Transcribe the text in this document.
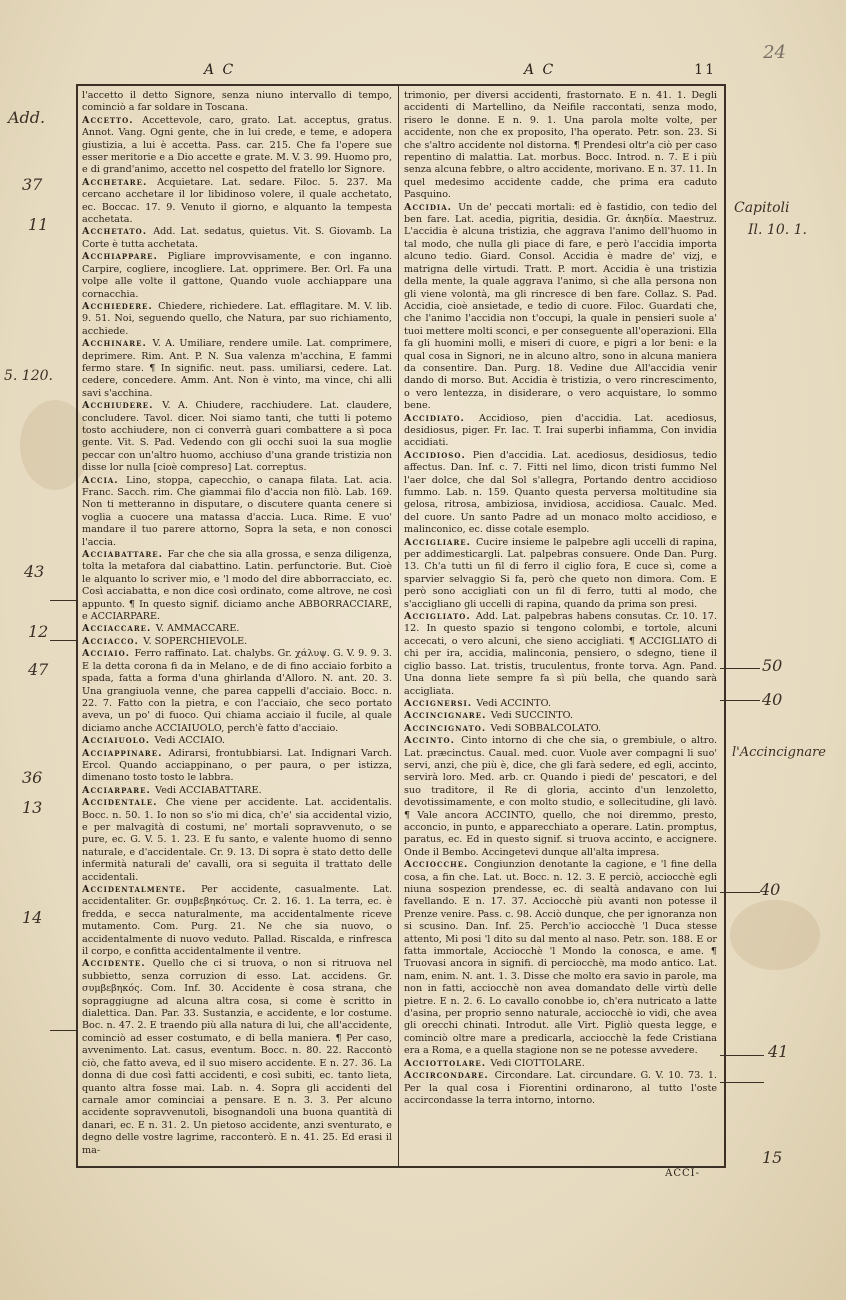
24
A C	A C	11
l'accetto il detto Signore, senza niuno intervallo di tempo, cominciò a far soldare in Toscana.
Accetto. Accettevole, caro, grato. Lat. acceptus, gratus. Annot. Vang. Ogni gente, che in lui crede, e teme, e adopera giustizia, a lui è accetta. Pass. car. 215. Che fa l'opere sue esser meritorie e a Dio accette e grate. M. V. 3. 99. Huomo pro, e di grand'animo, accetto nel cospetto del fratello lor Signore.
Acchetare. Acquietare. Lat. sedare. Filoc. 5. 237. Ma cercano acchetare il lor libidinoso volere, il quale acchetato, ec. Boccac. 17. 9. Venuto il giorno, e alquanto la tempesta acchetata.
Acchetato. Add. Lat. sedatus, quietus. Vit. S. Giovamb. La Corte è tutta acchetata.
Acchiappare. Pigliare improvvisamente, e con inganno. Carpire, cogliere, incogliere. Lat. opprimere. Ber. Orl. Fa una volpe alle volte il gattone, Quando vuole acchiappare una cornacchia.
Acchiedere. Chiedere, richiedere. Lat. efflagitare. M. V. lib. 9. 51. Noi, seguendo quello, che Natura, par suo richiamento, acchiede.
Acchinare. V. A. Umiliare, rendere umile. Lat. comprimere, deprimere. Rim. Ant. P. N. Sua valenza m'acchina, E fammi fermo stare. ¶ In signific. neut. pass. umiliarsi, cedere. Lat. cedere, concedere. Amm. Ant. Non è vinto, ma vince, chi alli savi s'acchina.
Acchiudere. V. A. Chiudere, racchiudere. Lat. claudere, concludere. Tavol. dicer. Noi siamo tanti, che tutti li potemo tosto acchiudere, non ci converrà guari combattere a sì poca gente. Vit. S. Pad. Vedendo con gli occhi suoi la sua moglie peccar con un'altro huomo, acchiuso d'una grande tristizia non disse lor nulla [cioè compreso] Lat. correptus.
Accia. Lino, stoppa, capecchio, o canapa filata. Lat. acia. Franc. Sacch. rim. Che giammai filo d'accia non filò. Lab. 169. Non ti metteranno in disputare, o discutere quanta cenere si voglia a cuocere una matassa d'accia. Luca. Rime. E vuo' mandare il tuo parere attorno, Sopra la seta, e non conosci l'accia.
Acciabattare. Far che che sia alla grossa, e senza diligenza, tolta la metafora dal ciabattino. Latin. perfunctorie. But. Cioè le alquanto lo scriver mio, e 'l modo del dire abborracciato, ec. Così acciabatta, e non dice così ordinato, come altrove, ne così appunto. ¶ In questo signif. diciamo anche ABBORRACCIARE, e ACCIARPARE.
Acciaccare. V. AMMACCARE.
Acciacco. V. SOPERCHIEVOLE.
Acciaio. Ferro raffinato. Lat. chalybs. Gr. χάλυψ. G. V. 9. 9. 3. E la detta corona fi da in Melano, e de di fino acciaio forbito a spada, fatta a forma d'una ghirlanda d'Alloro. N. ant. 20. 3. Una grangiuola venne, che parea cappelli d'acciaio. Bocc. n. 22. 7. Fatto con la pietra, e con l'acciaio, che seco portato aveva, un po' di fuoco. Qui chiama acciaio il fucile, al quale diciamo anche ACCIAIUOLO, perch'è fatto d'acciaio.
Acciaiuolo. Vedi ACCIAIO.
Acciappinare. Adirarsi, frontubbiarsi. Lat. Indignari Varch. Ercol. Quando acciappinano, o per paura, o per istizza, dimenano tosto tosto le labbra.
Acciarpare. Vedi ACCIABATTARE.
Accidentale. Che viene per accidente. Lat. accidentalis. Bocc. n. 50. 1. Io non so s'io mi dica, ch'e' sia accidental vizio, e per malvagità di costumi, ne' mortali sopravvenuto, o se pure, ec. G. V. 5. 1. 23. E fu santo, e valente huomo di senno naturale, e d'accidentale. Cr. 9. 13. Di sopra è stato detto delle infermità naturali de' cavalli, ora si seguita il trattato delle accidentali.
Accidentalmente. Per accidente, casualmente. Lat. accidentaliter. Gr. συμβεβηκότως. Cr. 2. 16. 1. La terra, ec. è fredda, e secca naturalmente, ma accidentalmente riceve mutamento. Com. Purg. 21. Ne che sia nuovo, o accidentalmente di nuovo veduto. Pallad. Riscalda, e rinfresca il corpo, e confitta accidentalmente il ventre.
Accidente. Quello che ci si truova, o non si ritruova nel subbietto, senza corruzion di esso. Lat. accidens. Gr. συμβεβηκός. Com. Inf. 30. Accidente è cosa strana, che sopraggiugne ad alcuna altra cosa, si come è scritto in dialettica. Dan. Par. 33. Sustanzia, e accidente, e lor costume. Boc. n. 47. 2. E traendo più alla natura di lui, che all'accidente, cominciò ad esser costumato, e di bella maniera. ¶ Per caso, avvenimento. Lat. casus, eventum. Bocc. n. 80. 22. Raccontò ciò, che fatto aveva, ed il suo misero accidente. E n. 27. 36. La donna di due così fatti accidenti, e così subiti, ec. tanto lieta, quanto altra fosse mai. Lab. n. 4. Sopra gli accidenti del carnale amor cominciai a pensare. E n. 3. 3. Per alcuno accidente sopravvenutoli, bisognandoli una buona quantità di danari, ec. E n. 31. 2. Un pietoso accidente, anzi sventurato, e degno delle vostre lagrime, racconterò. E n. 41. 25. Ed erasi il ma-
trimonio, per diversi accidenti, frastornato. E n. 41. 1. Degli accidenti di Martellino, da Neifile raccontati, senza modo, risero le donne. E n. 9. 1. Una parola molte volte, per accidente, non che ex proposito, l'ha operato. Petr. son. 23. Si che s'altro accidente nol distorna. ¶ Prendesi oltr'a ciò per caso repentino di malattia. Lat. morbus. Bocc. Introd. n. 7. E i più senza alcuna febbre, o altro accidente, morivano. E n. 37. 11. In quel medesimo accidente cadde, che prima era caduto Pasquino.
Accidia. Un de' peccati mortali: ed è fastidio, con tedio del ben fare. Lat. acedia, pigritia, desidia. Gr. ἀκηδία. Maestruz. L'accidia è alcuna tristizia, che aggrava l'animo dell'huomo in tal modo, che nulla gli piace di fare, e però l'accidia importa alcuno tedio. Giard. Consol. Accidia è madre de' vizj, e matrigna delle virtudi. Tratt. P. mort. Accidia è una tristizia della mente, la quale aggrava l'animo, sì che alla persona non gli viene volontà, ma gli rincresce di ben fare. Collaz. S. Pad. Accidia, cioè ansietade, e tedio di cuore. Filoc. Guardati che, che l'animo l'accidia non t'occupi, la quale in pensieri suole a' tuoi mettere molti sconci, e per conseguente all'operazioni. Ella fa gli huomini molli, e miseri di cuore, e pigri a lor beni: e la qual cosa in Signori, ne in alcuno altro, sono in alcuna maniera da consentire. Dan. Purg. 18. Vedine due All'accidia venir dando di morso. But. Accidia è tristizia, o vero rincrescimento, o vero lentezza, in disiderare, o vero acquistare, lo sommo bene.
Accidiato. Accidioso, pien d'accidia. Lat. acediosus, desidiosus, piger. Fr. Iac. T. Irai superbi infiamma, Con invidia accidiati.
Accidioso. Pien d'accidia. Lat. acediosus, desidiosus, tedio affectus. Dan. Inf. c. 7. Fitti nel limo, dicon tristi fummo Nel l'aer dolce, che dal Sol s'allegra, Portando dentro accidioso fummo. Lab. n. 159. Quanto questa perversa moltitudine sia gelosa, ritrosa, ambiziosa, invidiosa, accidiosa. Caualc. Med. del cuore. Un santo Padre ad un monaco molto accidioso, e malinconico, ec. disse cotale esemplo.
Accigliare. Cucire insieme le palpebre agli uccelli di rapina, per addimesticargli. Lat. palpebras consuere. Onde Dan. Purg. 13. Ch'a tutti un fil di ferro il ciglio fora, E cuce sì, come a sparvier selvaggio Si fa, però che queto non dimora. Com. E però sono accigliati con un fil di ferro, tutti al modo, che s'accigliano gli uccelli di rapina, quando da prima son presi.
Accigliato. Add. Lat. palpebras habens consutas. Cr. 10. 17. 12. In questo spazio si tengono colombi, e tortole, alcuni accecati, o vero alcuni, che sieno accigliati. ¶ ACCIGLIATO di chi per ira, accidia, malinconia, pensiero, o sdegno, tiene il ciglio basso. Lat. tristis, truculentus, fronte torva. Agn. Pand. Una donna liete sempre fa sì più bella, che quando sarà accigliata.
Accignersi. Vedi ACCINTO.
Accincignare. Vedi SUCCINTO.
Accincignato. Vedi SOBBALCOLATO.
Accinto. Cinto intorno di che che sia, o grembiule, o altro. Lat. præcinctus. Caual. med. cuor. Vuole aver compagni li suo' servi, anzi, che più è, dice, che gli farà sedere, ed egli, accinto, servirà loro. Med. arb. cr. Quando i piedi de' pescatori, e del suo traditore, il Re di gloria, accinto d'un lenzoletto, devotissimamente, e con molto studio, e sollecitudine, gli lavò. ¶ Vale ancora ACCINTO, quello, che noi diremmo, presto, acconcio, in punto, e apparecchiato a operare. Latin. promptus, paratus, ec. Ed in questo signif. si truova accinto, e accignere. Onde il Bembo. Accingetevi dunque all'alta impresa.
Acciocche. Congiunzion denotante la cagione, e 'l fine della cosa, a fin che. Lat. ut. Bocc. n. 12. 3. E perciò, acciocchè egli niuna sospezion prendesse, ec. di sealtà andavano con lui favellando. E n. 17. 37. Acciocchè più avanti non potesse il Prenze venire. Pass. c. 98. Acciò dunque, che per ignoranza non si scusino. Dan. Inf. 25. Perch'io acciocchè 'l Duca stesse attento, Mi posi 'l dito su dal mento al naso. Petr. son. 188. E or fatta immortale, Acciocchè 'l Mondo la conosca, e ame. ¶ Truovasi ancora in signifi. di perciocchè, ma modo antico. Lat. nam, enim. N. ant. 1. 3. Disse che molto era savio in parole, ma non in fatti, acciocchè non avea domandato delle virtù delle pietre. E n. 2. 6. Lo cavallo conobbe io, ch'era nutricato a latte d'asina, per proprio senno naturale, acciocchè io vidi, che avea gli orecchi chinati. Introdut. alle Virt. Pigliò questa legge, e cominciò oltre mare a predicarla, acciocchè la fede Cristiana era a Roma, e a quella stagione non se ne potesse avvedere.
Acciottolare. Vedi CIOTTOLARE.
Accircondare. Circondare. Lat. circundare. G. V. 10. 73. 1. Per la qual cosa i Fiorentini ordinarono, al tutto l'oste accircondasse la terra intorno, intorno.
ACCI-
Add.
37
11
5. 120.
43
12
47
36
13
14
Capitoli
Il. 10. 1.
50
40
l'Accincignare
40
41
15
